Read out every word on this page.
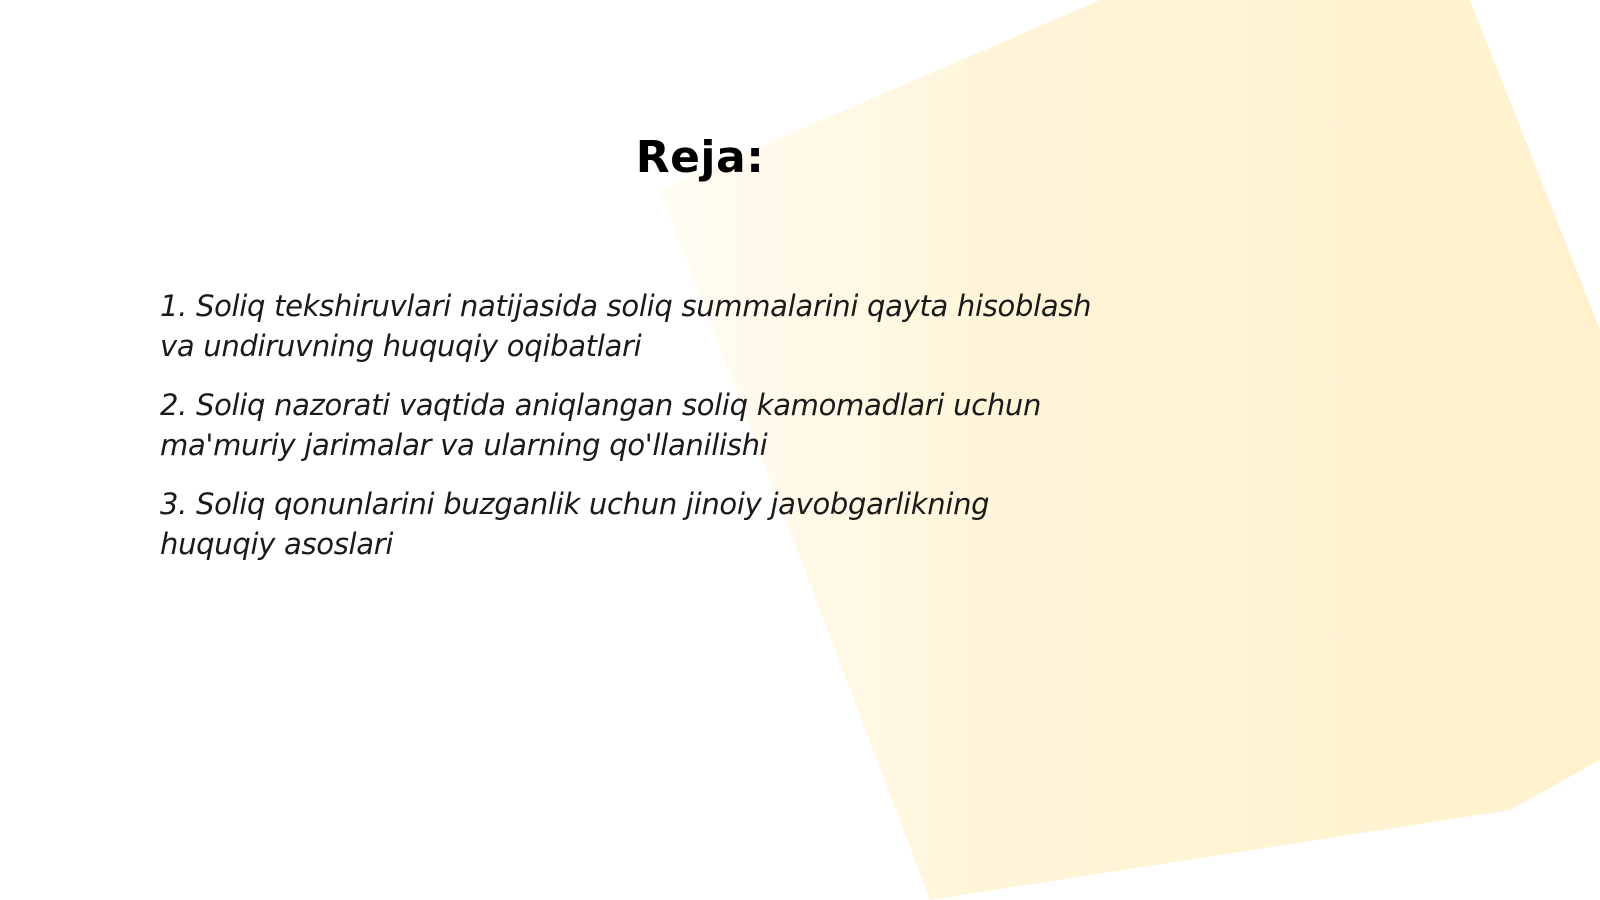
Reja:
1. Soliq tekshiruvlari natijasida soliq summalarini qayta hisoblash
va undiruvning huquqiy oqibatlari
2. Soliq nazorati vaqtida aniqlangan soliq kamomadlari uchun
ma'muriy jarimalar va ularning qo'llanilishi
3. Soliq qonunlarini buzganlik uchun jinoiy javobgarlikning
huquqiy asoslari
